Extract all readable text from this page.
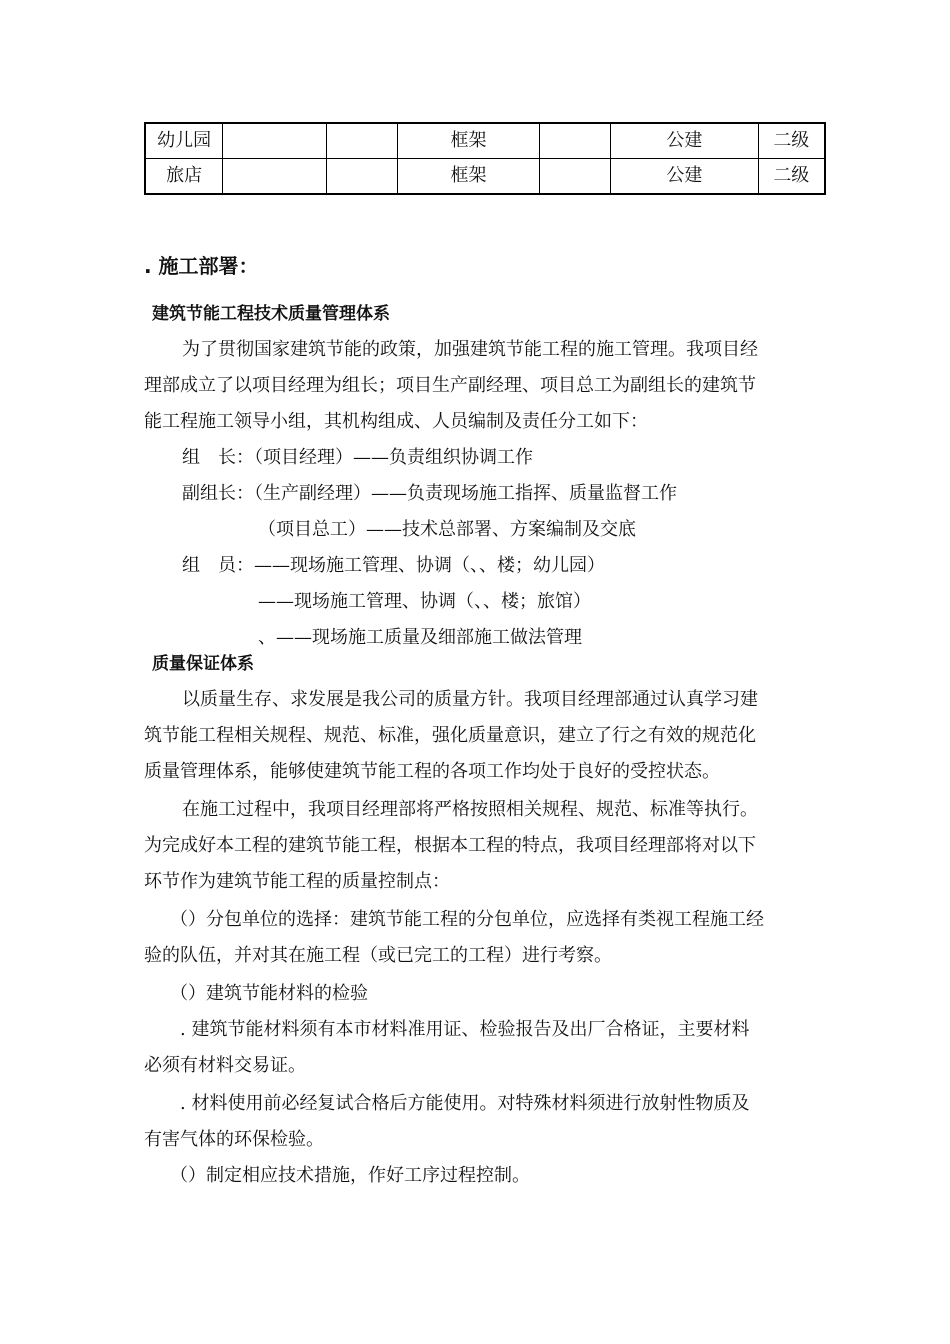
幼儿园			框架		公建	二级
旅店			框架		公建	二级
. 施工部署：
建筑节能工程技术质量管理体系
为了贯彻国家建筑节能的政策，加强建筑节能工程的施工管理。我项目经
理部成立了以项目经理为组长；项目生产副经理、项目总工为副组长的建筑节
能工程施工领导小组，其机构组成、人员编制及责任分工如下：
组　长：（项目经理）——负责组织协调工作
副组长：（生产副经理）——负责现场施工指挥、质量监督工作
（项目总工）——技术总部署、方案编制及交底
组　员：——现场施工管理、协调（、、楼；幼儿园）
——现场施工管理、协调（、、楼；旅馆）
、——现场施工质量及细部施工做法管理
质量保证体系
以质量生存、求发展是我公司的质量方针。我项目经理部通过认真学习建
筑节能工程相关规程、规范、标准，强化质量意识，建立了行之有效的规范化
质量管理体系，能够使建筑节能工程的各项工作均处于良好的受控状态。
在施工过程中，我项目经理部将严格按照相关规程、规范、标准等执行。
为完成好本工程的建筑节能工程，根据本工程的特点，我项目经理部将对以下
环节作为建筑节能工程的质量控制点：
（）分包单位的选择：建筑节能工程的分包单位，应选择有类视工程施工经
验的队伍，并对其在施工程（或已完工的工程）进行考察。
（）建筑节能材料的检验
. 建筑节能材料须有本市材料准用证、检验报告及出厂合格证，主要材料
必须有材料交易证。
. 材料使用前必经复试合格后方能使用。对特殊材料须进行放射性物质及
有害气体的环保检验。
（）制定相应技术措施，作好工序过程控制。
